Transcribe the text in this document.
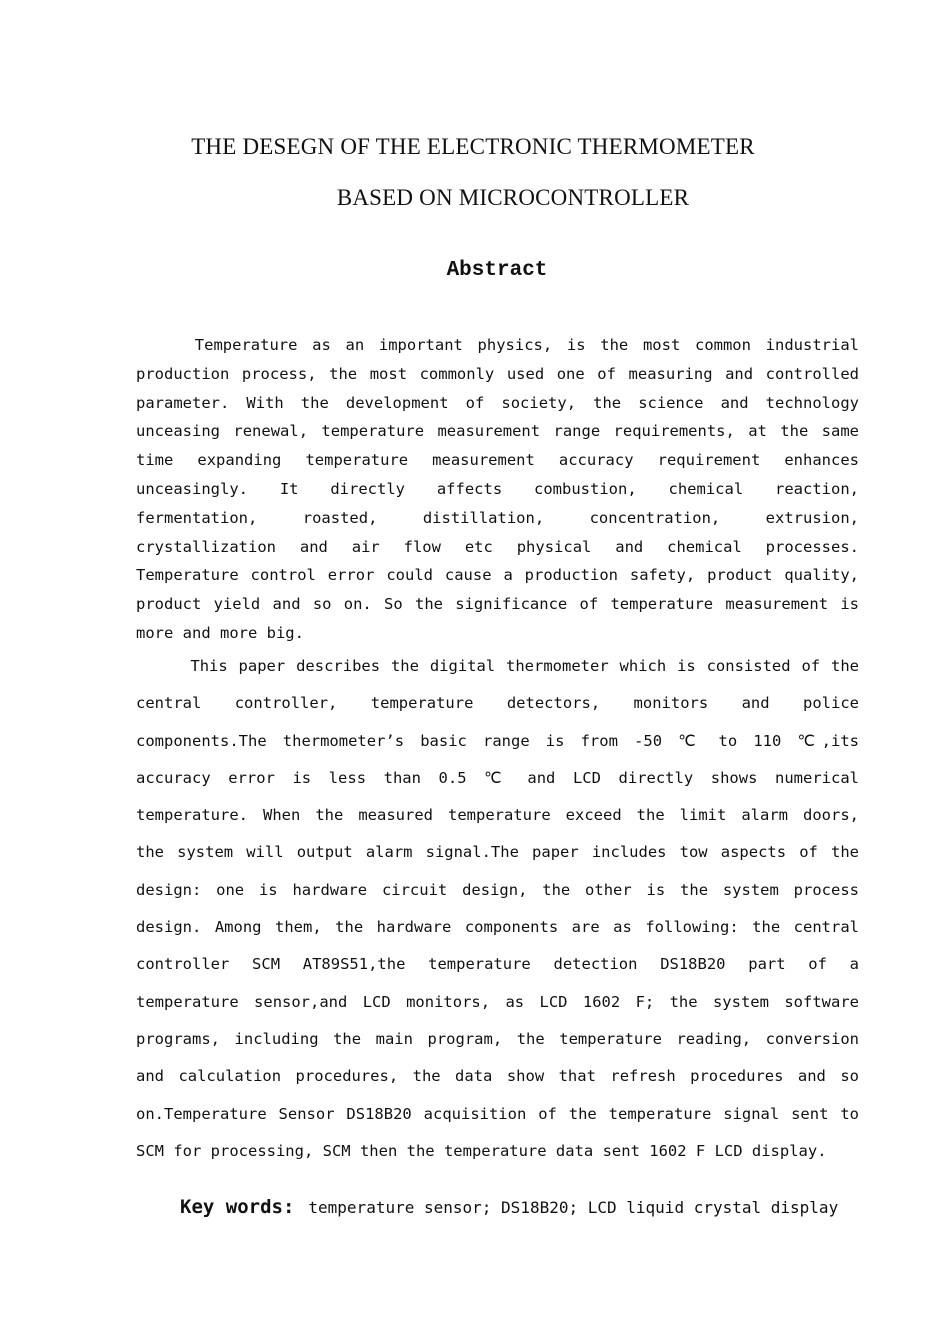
THE DESEGN OF THE ELECTRONIC THERMOMETER
BASED ON MICROCONTROLLER
Abstract
Temperature as an important physics, is the most common industrial
production process, the most commonly used one of measuring and controlled
parameter. With the development of society, the science and technology
unceasing renewal, temperature measurement range requirements, at the same
time expanding temperature measurement accuracy requirement enhances
unceasingly. It directly affects combustion, chemical reaction,
fermentation, roasted, distillation, concentration, extrusion,
crystallization and air flow etc physical and chemical processes.
Temperature control error could cause a production safety, product quality,
product yield and so on. So the significance of temperature measurement is
more and more big.
This paper describes the digital thermometer which is consisted of the
central controller, temperature detectors, monitors and police
components.The thermometer’s basic range is from -50 ℃ to 110 ℃,its
accuracy error is less than 0.5 ℃ and LCD directly shows numerical
temperature. When the measured temperature exceed the limit alarm doors,
the system will output alarm signal.The paper includes tow aspects of the
design: one is hardware circuit design, the other is the system process
design. Among them, the hardware components are as following: the central
controller SCM AT89S51,the temperature detection DS18B20 part of a
temperature sensor,and LCD monitors, as LCD 1602 F; the system software
programs, including the main program, the temperature reading, conversion
and calculation procedures, the data show that refresh procedures and so
on.Temperature Sensor DS18B20 acquisition of the temperature signal sent to
SCM for processing, SCM then the temperature data sent 1602 F LCD display.
Key words: temperature sensor; DS18B20; LCD liquid crystal display
